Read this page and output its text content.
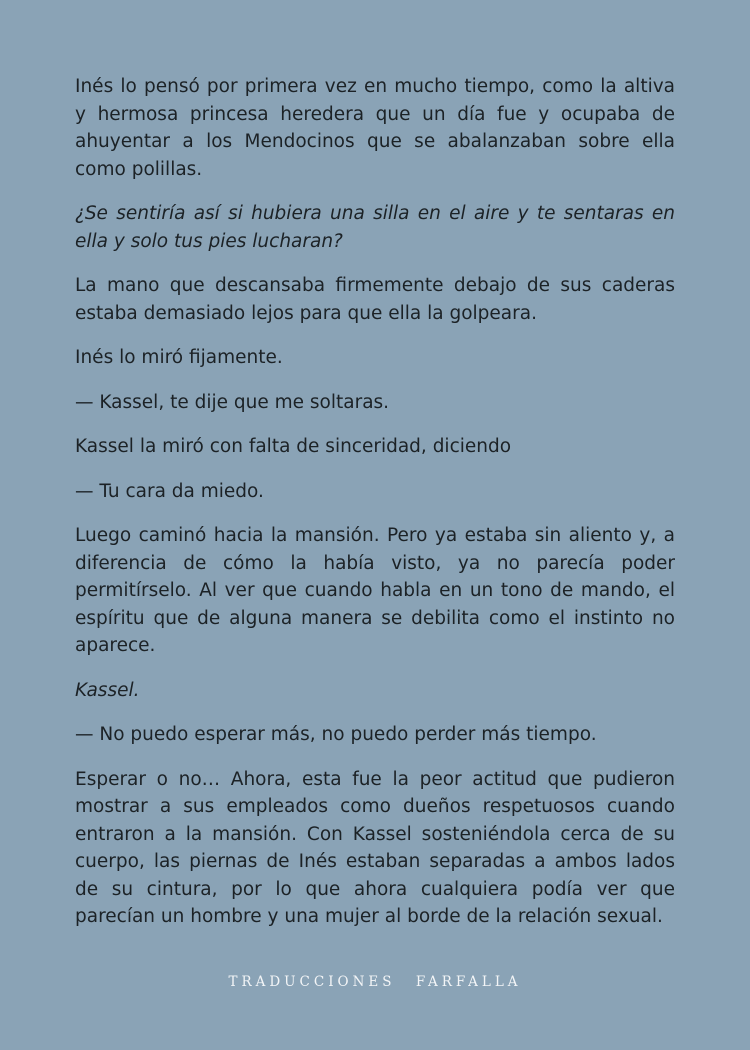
Inés lo pensó por primera vez en mucho tiempo, como la altiva y hermosa princesa heredera que un día fue y ocupaba de ahuyentar a los Mendocinos que se abalanzaban sobre ella como polillas.

¿Se sentiría así si hubiera una silla en el aire y te sentaras en ella y solo tus pies lucharan?

La mano que descansaba firmemente debajo de sus caderas estaba demasiado lejos para que ella la golpeara.

Inés lo miró fijamente.

— Kassel, te dije que me soltaras.

Kassel la miró con falta de sinceridad, diciendo

— Tu cara da miedo.

Luego caminó hacia la mansión. Pero ya estaba sin aliento y, a diferencia de cómo la había visto, ya no parecía poder permitírselo. Al ver que cuando habla en un tono de mando, el espíritu que de alguna manera se debilita como el instinto no aparece.

Kassel.

— No puedo esperar más, no puedo perder más tiempo.

Esperar o no… Ahora, esta fue la peor actitud que pudieron mostrar a sus empleados como dueños respetuosos cuando entraron a la mansión. Con Kassel sosteniéndola cerca de su cuerpo, las piernas de Inés estaban separadas a ambos lados de su cintura, por lo que ahora cualquiera podía ver que parecían un hombre y una mujer al borde de la relación sexual.

TRADUCCIONES FARFALLA
